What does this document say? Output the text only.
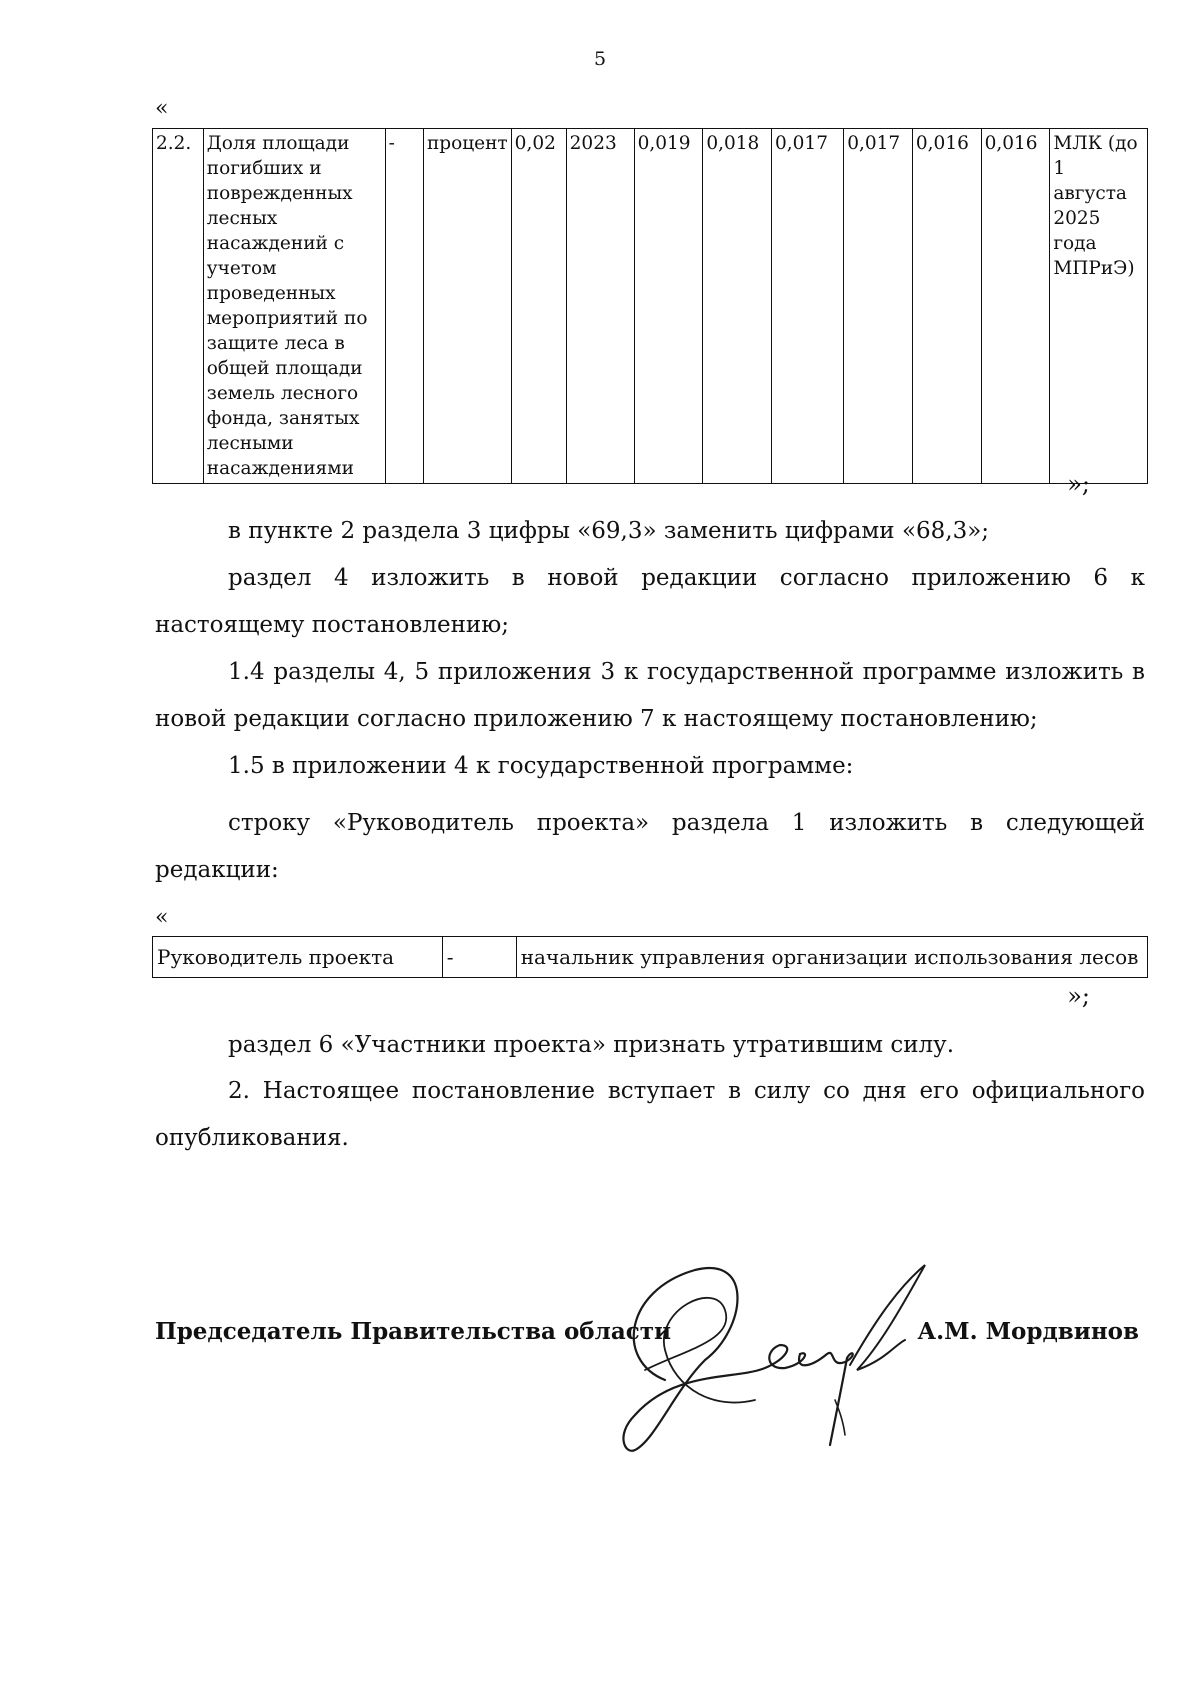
5
«
2.2.	Доля площади погибших и поврежденных лесных насаждений с учетом проведенных мероприятий по защите леса в общей площади земель лесного фонда, занятых лесными насаждениями	-	процент	0,02	2023	0,019	0,018	0,017	0,017	0,016	0,016	МЛК (до 1 августа 2025 года МПРиЭ)
»;
в пункте 2 раздела 3 цифры «69,3» заменить цифрами «68,3»;
раздел 4 изложить в новой редакции согласно приложению 6 к настоящему постановлению;
1.4 разделы 4, 5 приложения 3 к государственной программе изложить в новой редакции согласно приложению 7 к настоящему постановлению;
1.5 в приложении 4 к государственной программе:
строку «Руководитель проекта» раздела 1 изложить в следующей редакции:
«
Руководитель проекта	-	начальник управления организации использования лесов
»;
раздел 6 «Участники проекта» признать утратившим силу.
2. Настоящее постановление вступает в силу со дня его официального опубликования.
Председатель Правительства области	А.М. Мордвинов
